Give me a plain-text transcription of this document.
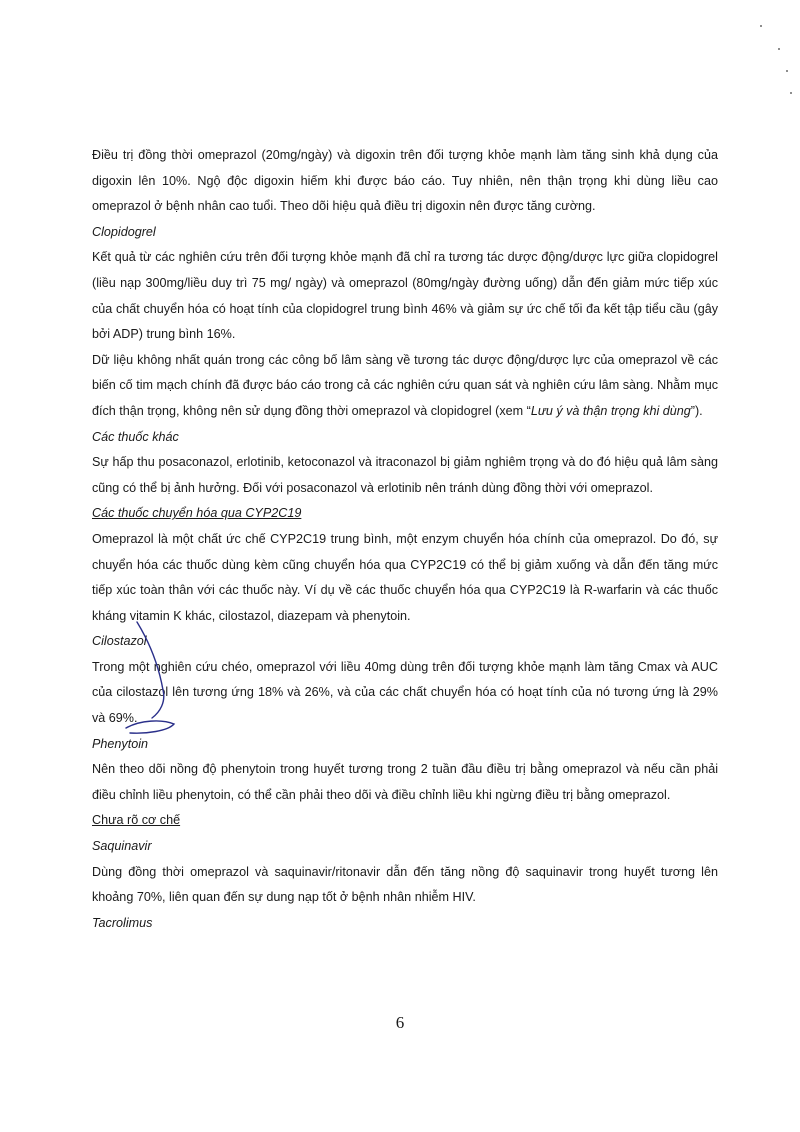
Điều trị đồng thời omeprazol (20mg/ngày) và digoxin trên đối tượng khỏe mạnh làm tăng sinh khả dụng của digoxin lên 10%. Ngộ độc digoxin hiếm khi được báo cáo. Tuy nhiên, nên thận trọng khi dùng liều cao omeprazol ở bệnh nhân cao tuổi. Theo dõi hiệu quả điều trị digoxin nên được tăng cường.

Clopidogrel

Kết quả từ các nghiên cứu trên đối tượng khỏe mạnh đã chỉ ra tương tác dược động/dược lực giữa clopidogrel (liều nạp 300mg/liều duy trì 75 mg/ ngày) và omeprazol (80mg/ngày đường uống) dẫn đến giảm mức tiếp xúc của chất chuyển hóa có hoạt tính của clopidogrel trung bình 46% và giảm sự ức chế tối đa kết tập tiểu cầu (gây bởi ADP) trung bình 16%.

Dữ liệu không nhất quán trong các công bố lâm sàng về tương tác dược động/dược lực của omeprazol về các biến cố tim mạch chính đã được báo cáo trong cả các nghiên cứu quan sát và nghiên cứu lâm sàng. Nhằm mục đích thận trọng, không nên sử dụng đồng thời omeprazol và clopidogrel (xem “Lưu ý và thận trọng khi dùng”).

Các thuốc khác

Sự hấp thu posaconazol, erlotinib, ketoconazol và itraconazol bị giảm nghiêm trọng và do đó hiệu quả lâm sàng cũng có thể bị ảnh hưởng. Đối với posaconazol và erlotinib nên tránh dùng đồng thời với omeprazol.

Các thuốc chuyển hóa qua CYP2C19

Omeprazol là một chất ức chế CYP2C19 trung bình, một enzym chuyển hóa chính của omeprazol. Do đó, sự chuyển hóa các thuốc dùng kèm cũng chuyển hóa qua CYP2C19 có thể bị giảm xuống và dẫn đến tăng mức tiếp xúc toàn thân với các thuốc này. Ví dụ về các thuốc chuyển hóa qua CYP2C19 là R-warfarin và các thuốc kháng vitamin K khác, cilostazol, diazepam và phenytoin.

Cilostazol

Trong một nghiên cứu chéo, omeprazol với liều 40mg dùng trên đối tượng khỏe mạnh làm tăng Cmax và AUC của cilostazol lên tương ứng 18% và 26%, và của các chất chuyển hóa có hoạt tính của nó tương ứng là 29% và 69%.

Phenytoin

Nên theo dõi nồng độ phenytoin trong huyết tương trong 2 tuần đầu điều trị bằng omeprazol và nếu cần phải điều chỉnh liều phenytoin, có thể cần phải theo dõi và điều chỉnh liều khi ngừng điều trị bằng omeprazol.

Chưa rõ cơ chế

Saquinavir

Dùng đồng thời omeprazol và saquinavir/ritonavir dẫn đến tăng nồng độ saquinavir trong huyết tương lên khoảng 70%, liên quan đến sự dung nạp tốt ở bệnh nhân nhiễm HIV.

Tacrolimus

6
